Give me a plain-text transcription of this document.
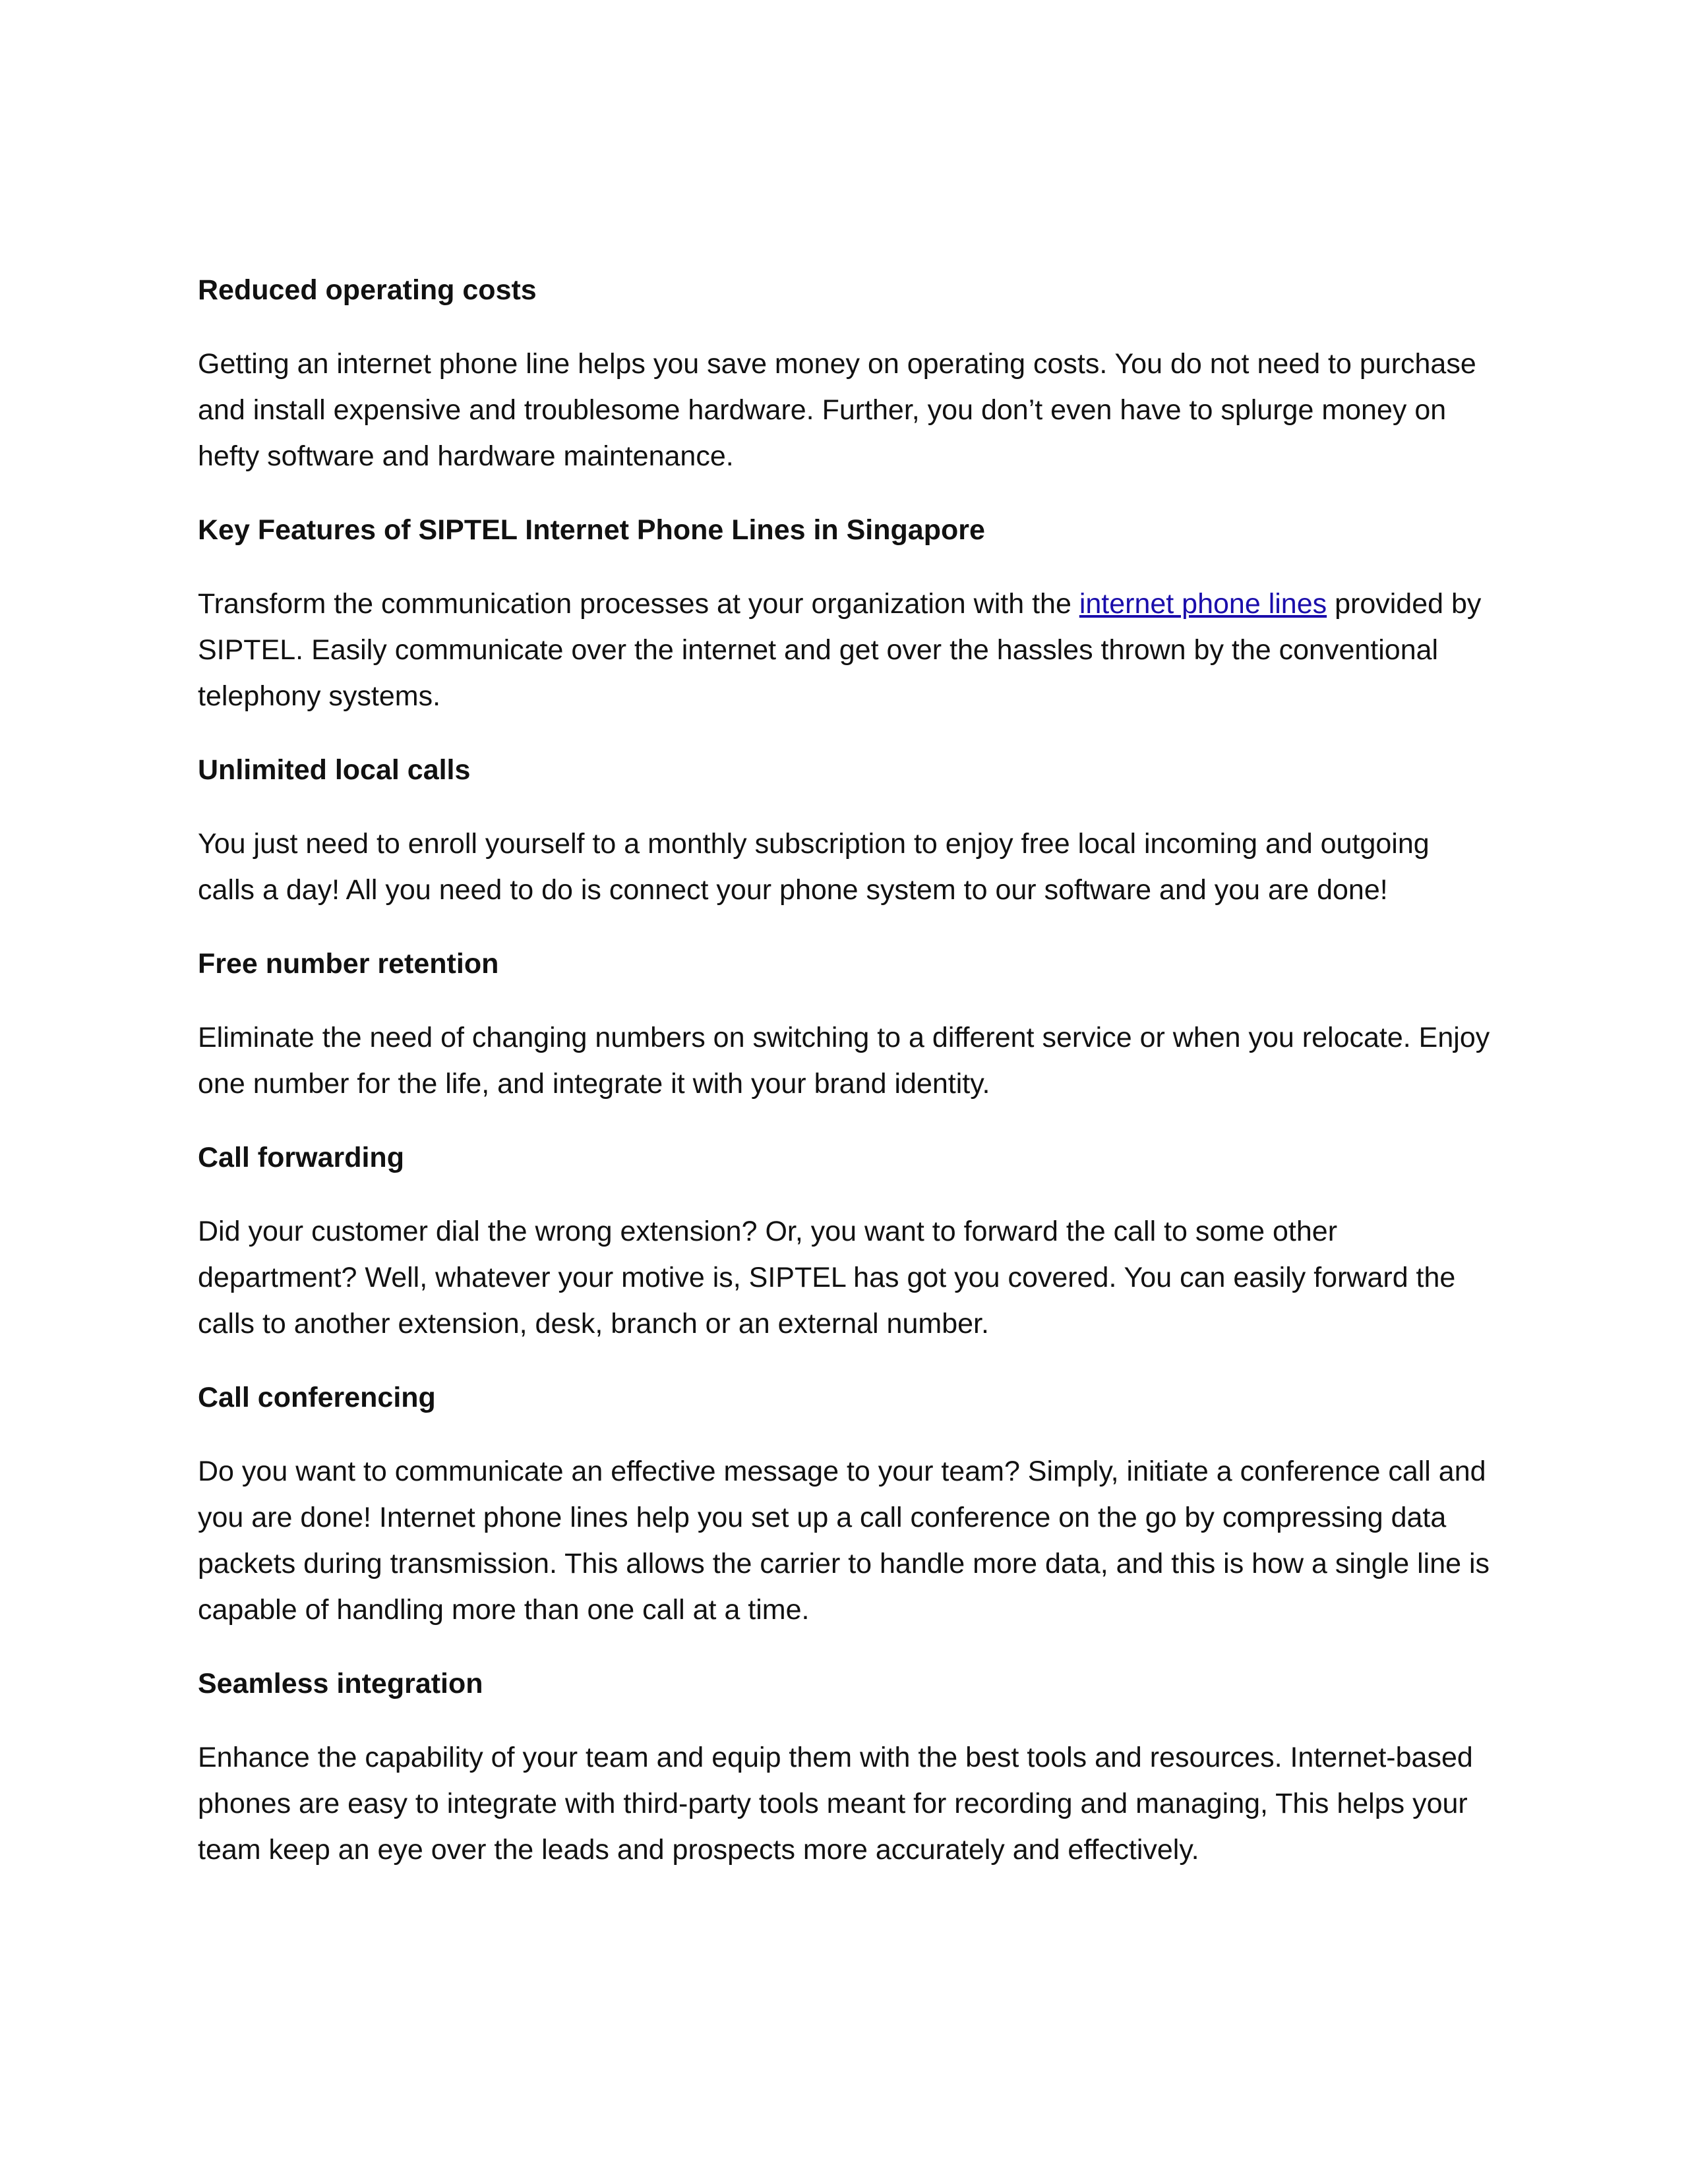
Reduced operating costs
Getting an internet phone line helps you save money on operating costs. You do not need to purchase and install expensive and troublesome hardware. Further, you don’t even have to splurge money on hefty software and hardware maintenance.
Key Features of SIPTEL Internet Phone Lines in Singapore
Transform the communication processes at your organization with the internet phone lines provided by SIPTEL. Easily communicate over the internet and get over the hassles thrown by the conventional telephony systems.
Unlimited local calls
You just need to enroll yourself to a monthly subscription to enjoy free local incoming and outgoing calls a day! All you need to do is connect your phone system to our software and you are done!
Free number retention
Eliminate the need of changing numbers on switching to a different service or when you relocate. Enjoy one number for the life, and integrate it with your brand identity.
Call forwarding
Did your customer dial the wrong extension? Or, you want to forward the call to some other department? Well, whatever your motive is, SIPTEL has got you covered. You can easily forward the calls to another extension, desk, branch or an external number.
Call conferencing
Do you want to communicate an effective message to your team? Simply, initiate a conference call and you are done! Internet phone lines help you set up a call conference on the go by compressing data packets during transmission. This allows the carrier to handle more data, and this is how a single line is capable of handling more than one call at a time.
Seamless integration
Enhance the capability of your team and equip them with the best tools and resources. Internet-based phones are easy to integrate with third-party tools meant for recording and managing, This helps your team keep an eye over the leads and prospects more accurately and effectively.
